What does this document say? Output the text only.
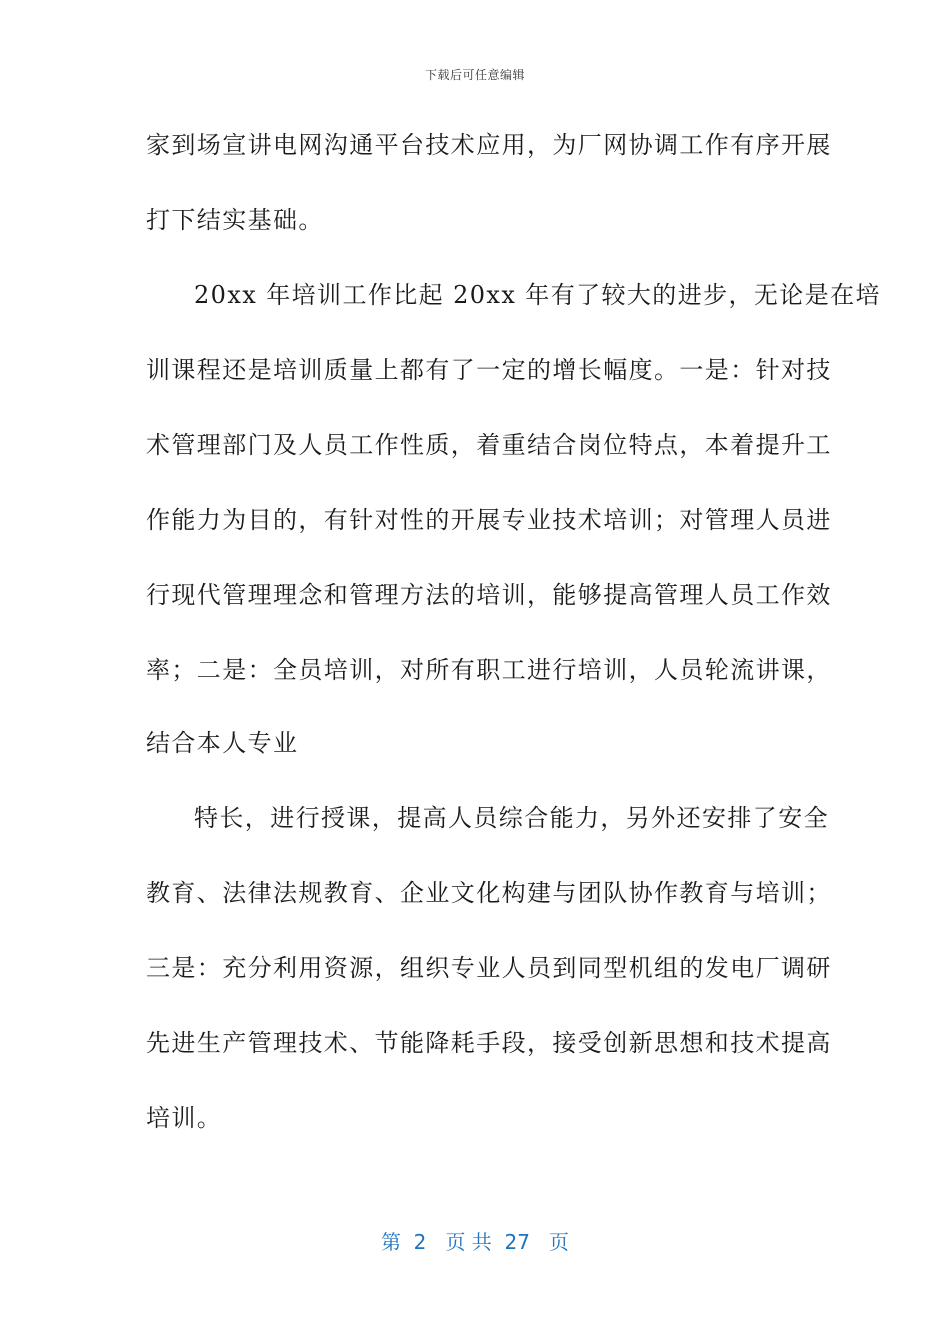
下载后可任意编辑
家到场宣讲电网沟通平台技术应用，为厂网协调工作有序开展
打下结实基础。
20xx 年培训工作比起 20xx 年有了较大的进步，无论是在培
训课程还是培训质量上都有了一定的增长幅度。一是：针对技
术管理部门及人员工作性质，着重结合岗位特点，本着提升工
作能力为目的，有针对性的开展专业技术培训；对管理人员进
行现代管理理念和管理方法的培训，能够提高管理人员工作效
率；二是：全员培训，对所有职工进行培训，人员轮流讲课，
结合本人专业
特长，进行授课，提高人员综合能力，另外还安排了安全
教育、法律法规教育、企业文化构建与团队协作教育与培训；
三是：充分利用资源，组织专业人员到同型机组的发电厂调研
先进生产管理技术、节能降耗手段，接受创新思想和技术提高
培训。
第  2   页 共  27   页
